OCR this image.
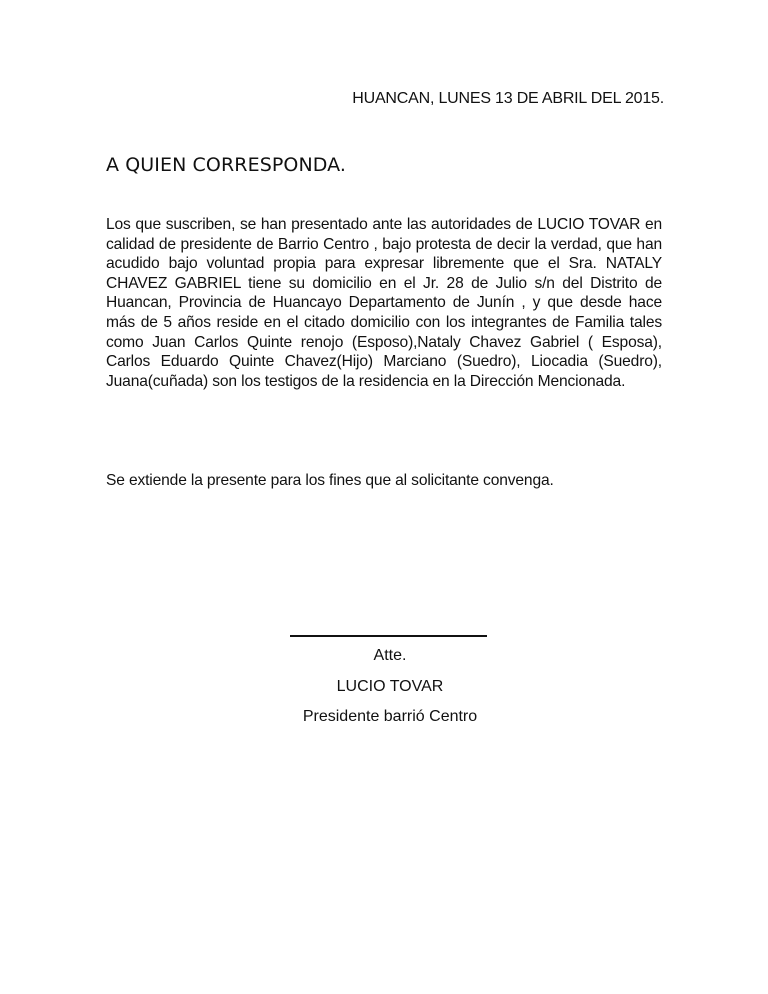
HUANCAN, LUNES 13 DE ABRIL DEL 2015.
A QUIEN CORRESPONDA.

Los que suscriben, se han presentado ante las autoridades de LUCIO TOVAR en calidad de presidente de Barrio Centro , bajo protesta de decir la verdad, que han acudido bajo voluntad propia para expresar libremente que el Sra. NATALY CHAVEZ GABRIEL tiene su domicilio en el Jr. 28 de Julio s/n del Distrito de Huancan, Provincia de Huancayo Departamento de Junín , y que desde hace más de 5 años reside en el citado domicilio con los integrantes de Familia tales como Juan Carlos Quinte renojo (Esposo),Nataly Chavez Gabriel ( Esposa), Carlos Eduardo Quinte Chavez(Hijo) Marciano (Suedro), Liocadia (Suedro), Juana(cuñada) son los testigos de la residencia en la Dirección Mencionada.

Se extiende la presente para los fines que al solicitante convenga.
Atte.
LUCIO TOVAR
Presidente barrió Centro
